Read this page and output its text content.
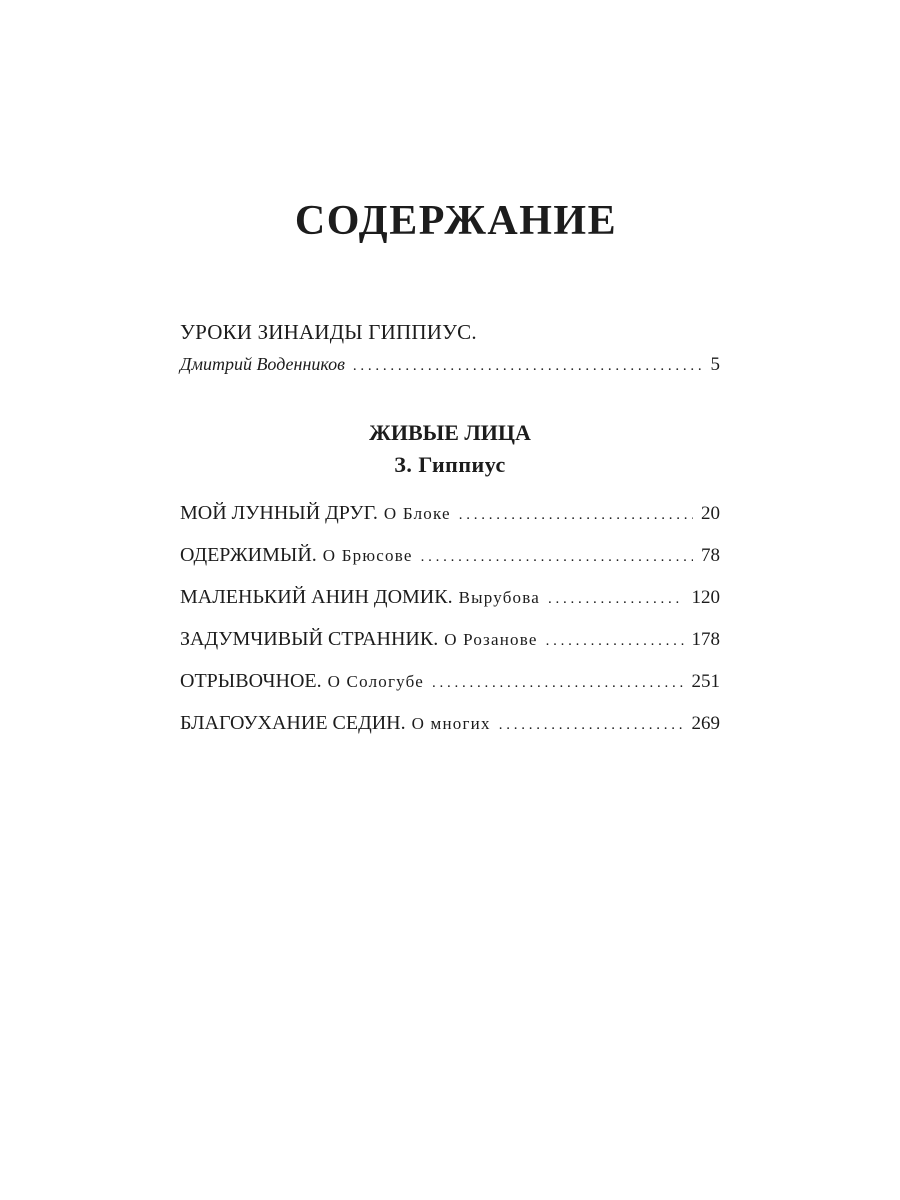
СОДЕРЖАНИЕ
УРОКИ ЗИНАИДЫ ГИППИУС.
Дмитрий Воденников . . .	5
ЖИВЫЕ ЛИЦА
З. Гиппиус
МОЙ ЛУННЫЙ ДРУГ. О Блоке . . .	20
ОДЕРЖИМЫЙ. О Брюсове . . .	78
МАЛЕНЬКИЙ АНИН ДОМИК. Вырубова . . .	120
ЗАДУМЧИВЫЙ СТРАННИК. О Розанове . . .	178
ОТРЫВОЧНОЕ. О Сологубе . . .	251
БЛАГОУХАНИЕ СЕДИН. О многих . . .	269
